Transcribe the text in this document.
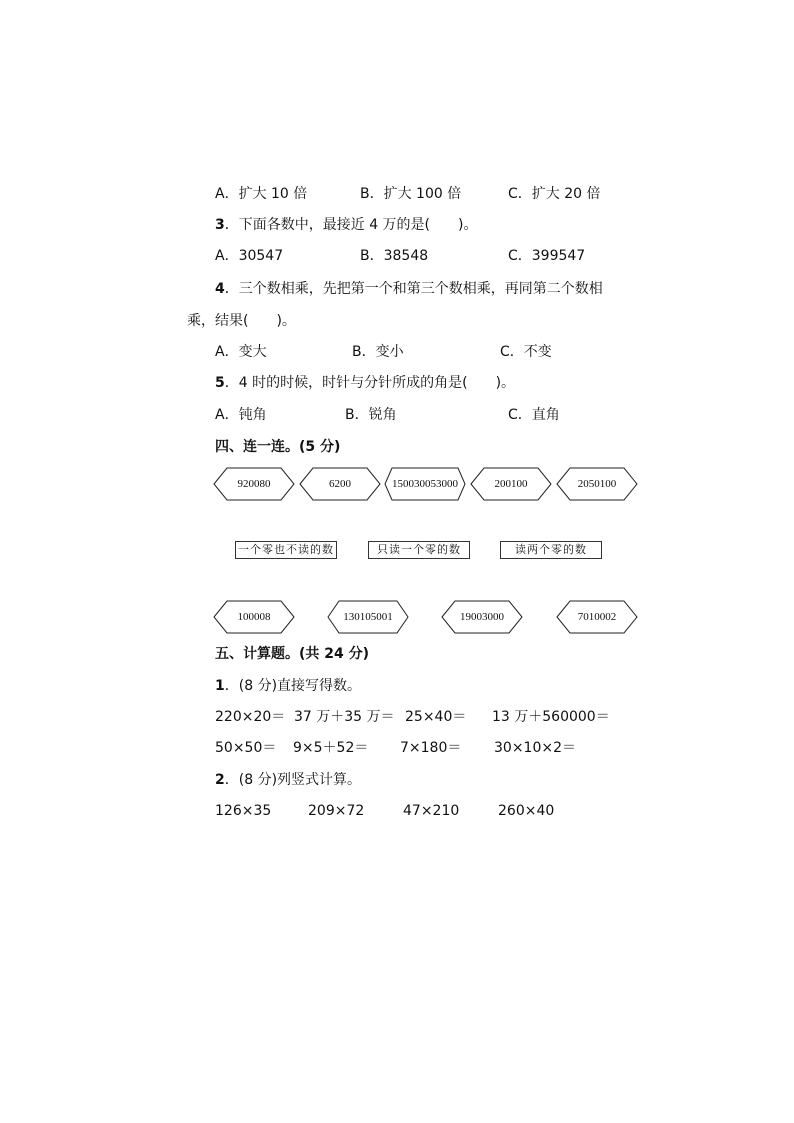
A．扩大 10 倍	B．扩大 100 倍	C．扩大 20 倍
3．下面各数中，最接近 4 万的是(　　)。
A．30547	B．38548	C．399547
4．三个数相乘，先把第一个和第三个数相乘，再同第二个数相
乘，结果(　　)。
A．变大	B．变小	C．不变
5．4 时的时候，时针与分针所成的角是(　　)。
A．钝角	B．锐角	C．直角
四、连一连。(5 分)
920080	6200	150030053000	200100	2050100
一个零也不读的数	只读一个零的数	读两个零的数
100008	130105001	19003000	7010002
五、计算题。(共 24 分)
1．(8 分)直接写得数。
220×20＝ 37 万＋35 万＝ 25×40＝ 13 万＋560000＝
50×50＝ 9×5＋52＝ 7×180＝ 30×10×2＝
2．(8 分)列竖式计算。
126×35	209×72	47×210	260×40
